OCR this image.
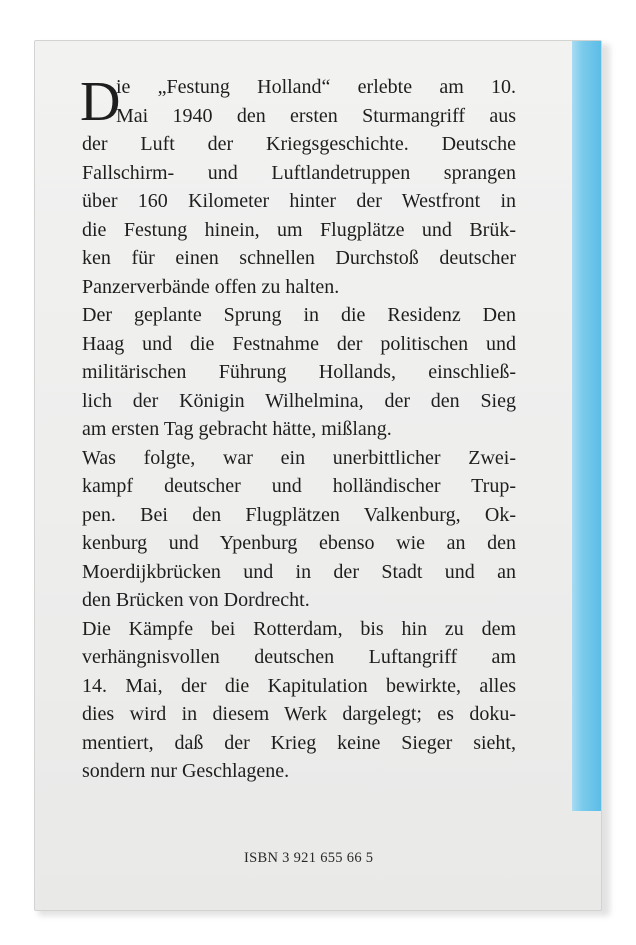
D
ie „Festung Holland“ erlebte am 10.
Mai 1940 den ersten Sturmangriff aus
der Luft der Kriegsgeschichte. Deutsche
Fallschirm- und Luftlandetruppen sprangen
über 160 Kilometer hinter der Westfront in
die Festung hinein, um Flugplätze und Brük-
ken für einen schnellen Durchstoß deutscher
Panzerverbände offen zu halten.
Der geplante Sprung in die Residenz Den
Haag und die Festnahme der politischen und
militärischen Führung Hollands, einschließ-
lich der Königin Wilhelmina, der den Sieg
am ersten Tag gebracht hätte, mißlang.
Was folgte, war ein unerbittlicher Zwei-
kampf deutscher und holländischer Trup-
pen. Bei den Flugplätzen Valkenburg, Ok-
kenburg und Ypenburg ebenso wie an den
Moerdijkbrücken und in der Stadt und an
den Brücken von Dordrecht.
Die Kämpfe bei Rotterdam, bis hin zu dem
verhängnisvollen deutschen Luftangriff am
14. Mai, der die Kapitulation bewirkte, alles
dies wird in diesem Werk dargelegt; es doku-
mentiert, daß der Krieg keine Sieger sieht,
sondern nur Geschlagene.
ISBN 3 921 655 66 5
